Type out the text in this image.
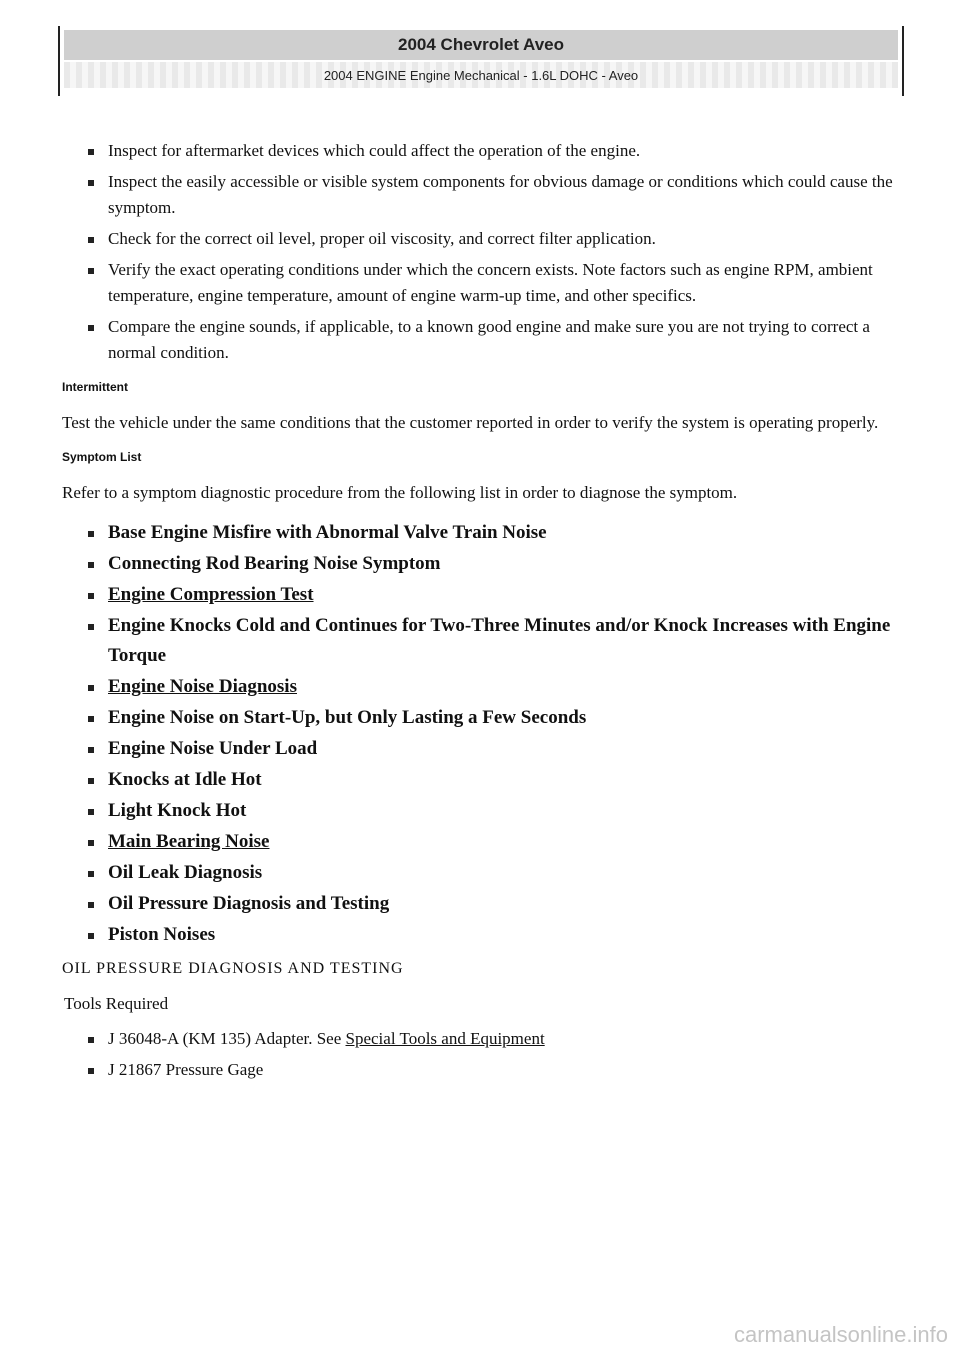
2004 Chevrolet Aveo
2004 ENGINE Engine Mechanical - 1.6L DOHC - Aveo
Inspect for aftermarket devices which could affect the operation of the engine.
Inspect the easily accessible or visible system components for obvious damage or conditions which could cause the symptom.
Check for the correct oil level, proper oil viscosity, and correct filter application.
Verify the exact operating conditions under which the concern exists. Note factors such as engine RPM, ambient temperature, engine temperature, amount of engine warm-up time, and other specifics.
Compare the engine sounds, if applicable, to a known good engine and make sure you are not trying to correct a normal condition.
Intermittent

Test the vehicle under the same conditions that the customer reported in order to verify the system is operating properly.

Symptom List

Refer to a symptom diagnostic procedure from the following list in order to diagnose the symptom.

Base Engine Misfire with Abnormal Valve Train Noise
Connecting Rod Bearing Noise Symptom
Engine Compression Test
Engine Knocks Cold and Continues for Two-Three Minutes and/or Knock Increases with Engine Torque
Engine Noise Diagnosis
Engine Noise on Start-Up, but Only Lasting a Few Seconds
Engine Noise Under Load
Knocks at Idle Hot
Light Knock Hot
Main Bearing Noise
Oil Leak Diagnosis
Oil Pressure Diagnosis and Testing
Piston Noises
OIL PRESSURE DIAGNOSIS AND TESTING
Tools Required
J 36048-A (KM 135) Adapter. See Special Tools and Equipment
J 21867 Pressure Gage
carmanualsonline.info
